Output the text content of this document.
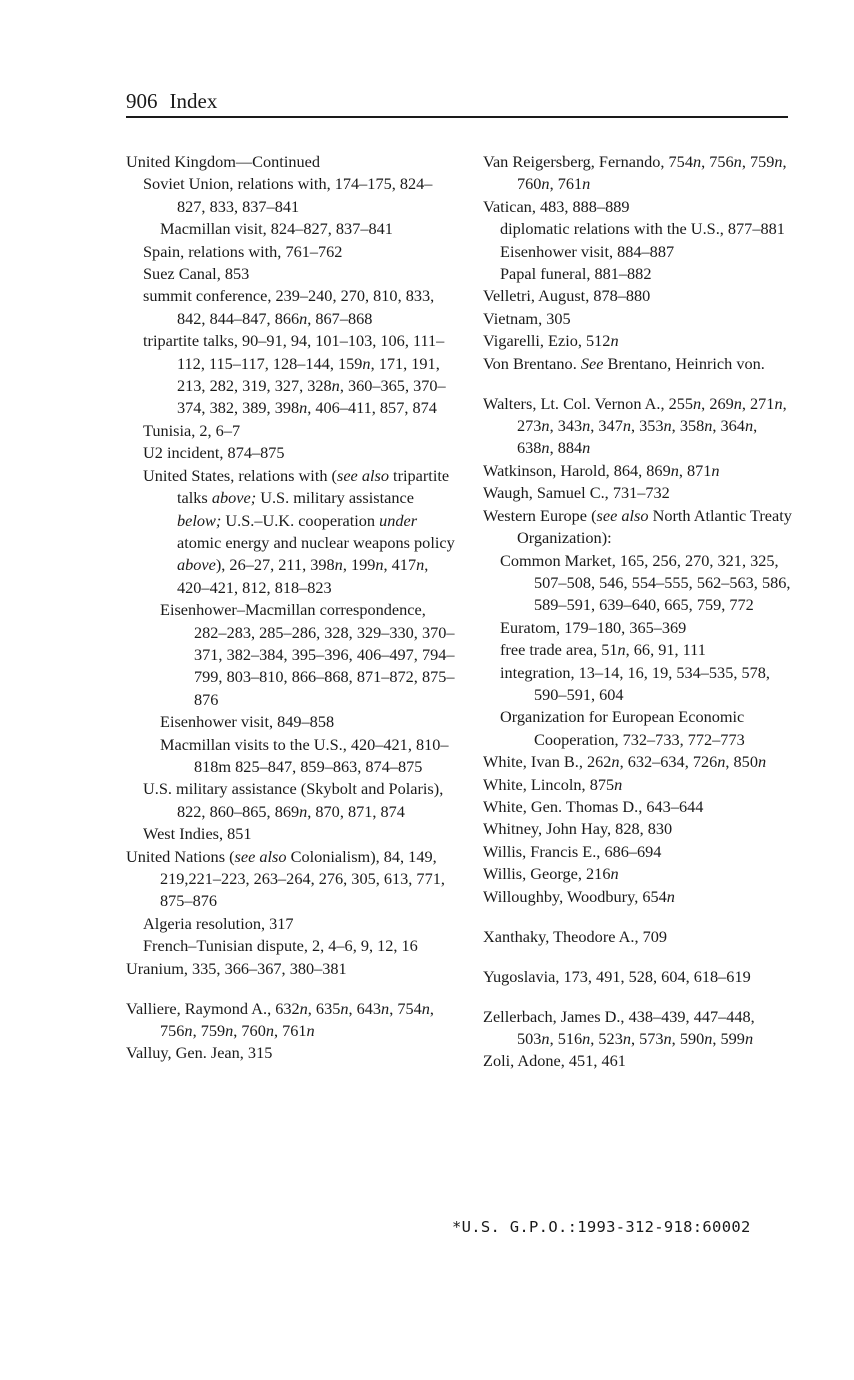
906 Index
United Kingdom—Continued
Soviet Union, relations with, 174–175, 824–827, 833, 837–841
Macmillan visit, 824–827, 837–841
Spain, relations with, 761–762
Suez Canal, 853
summit conference, 239–240, 270, 810, 833, 842, 844–847, 866n, 867–868
tripartite talks, 90–91, 94, 101–103, 106, 111–112, 115–117, 128–144, 159n, 171, 191, 213, 282, 319, 327, 328n, 360–365, 370–374, 382, 389, 398n, 406–411, 857, 874
Tunisia, 2, 6–7
U2 incident, 874–875
United States, relations with (see also tripartite talks above; U.S. military assistance below; U.S.–U.K. cooperation under atomic energy and nuclear weapons policy above), 26–27, 211, 398n, 199n, 417n, 420–421, 812, 818–823
Eisenhower–Macmillan correspondence, 282–283, 285–286, 328, 329–330, 370–371, 382–384, 395–396, 406–497, 794–799, 803–810, 866–868, 871–872, 875–876
Eisenhower visit, 849–858
Macmillan visits to the U.S., 420–421, 810–818m 825–847, 859–863, 874–875
U.S. military assistance (Skybolt and Polaris), 822, 860–865, 869n, 870, 871, 874
West Indies, 851
United Nations (see also Colonialism), 84, 149, 219,221–223, 263–264, 276, 305, 613, 771, 875–876
Algeria resolution, 317
French–Tunisian dispute, 2, 4–6, 9, 12, 16
Uranium, 335, 366–367, 380–381
Valliere, Raymond A., 632n, 635n, 643n, 754n, 756n, 759n, 760n, 761n
Valluy, Gen. Jean, 315
Van Reigersberg, Fernando, 754n, 756n, 759n, 760n, 761n
Vatican, 483, 888–889
diplomatic relations with the U.S., 877–881
Eisenhower visit, 884–887
Papal funeral, 881–882
Velletri, August, 878–880
Vietnam, 305
Vigarelli, Ezio, 512n
Von Brentano. See Brentano, Heinrich von.
Walters, Lt. Col. Vernon A., 255n, 269n, 271n, 273n, 343n, 347n, 353n, 358n, 364n, 638n, 884n
Watkinson, Harold, 864, 869n, 871n
Waugh, Samuel C., 731–732
Western Europe (see also North Atlantic Treaty Organization):
Common Market, 165, 256, 270, 321, 325, 507–508, 546, 554–555, 562–563, 586, 589–591, 639–640, 665, 759, 772
Euratom, 179–180, 365–369
free trade area, 51n, 66, 91, 111
integration, 13–14, 16, 19, 534–535, 578, 590–591, 604
Organization for European Economic Cooperation, 732–733, 772–773
White, Ivan B., 262n, 632–634, 726n, 850n
White, Lincoln, 875n
White, Gen. Thomas D., 643–644
Whitney, John Hay, 828, 830
Willis, Francis E., 686–694
Willis, George, 216n
Willoughby, Woodbury, 654n
Xanthaky, Theodore A., 709
Yugoslavia, 173, 491, 528, 604, 618–619
Zellerbach, James D., 438–439, 447–448, 503n, 516n, 523n, 573n, 590n, 599n
Zoli, Adone, 451, 461
*U.S. G.P.O.:1993-312-918:60002
